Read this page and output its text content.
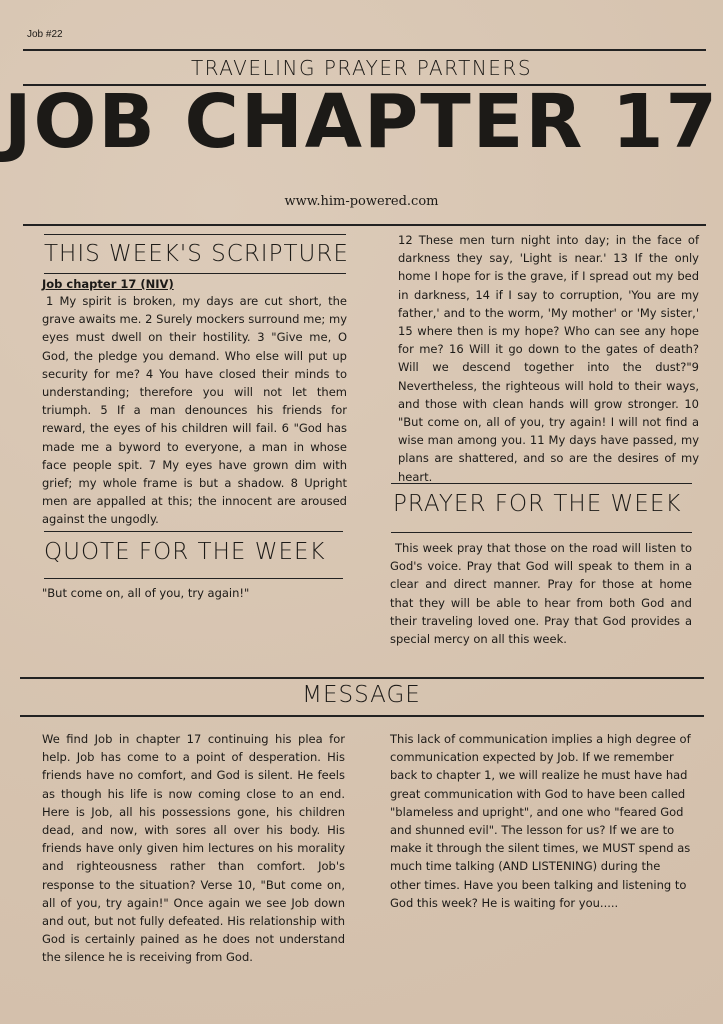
Job #22
TRAVELING PRAYER PARTNERS
JOB CHAPTER 17
www.him-powered.com
THIS WEEK'S SCRIPTURE
Job chapter 17 (NIV)
1 My spirit is broken, my days are cut short, the grave awaits me. 2 Surely mockers surround me; my eyes must dwell on their hostility. 3 "Give me, O God, the pledge you demand. Who else will put up security for me? 4 You have closed their minds to understanding; therefore you will not let them triumph. 5 If a man denounces his friends for reward, the eyes of his children will fail. 6 "God has made me a byword to everyone, a man in whose face people spit. 7 My eyes have grown dim with grief; my whole frame is but a shadow. 8 Upright men are appalled at this; the innocent are aroused against the ungodly.
QUOTE FOR THE WEEK
"But come on, all of you, try again!"
12 These men turn night into day; in the face of darkness they say, 'Light is near.' 13 If the only home I hope for is the grave, if I spread out my bed in darkness, 14 if I say to corruption, 'You are my father,' and to the worm, 'My mother' or 'My sister,' 15 where then is my hope? Who can see any hope for me? 16 Will it go down to the gates of death? Will we descend together into the dust?"9 Nevertheless, the righteous will hold to their ways, and those with clean hands will grow stronger. 10 "But come on, all of you, try again! I will not find a wise man among you. 11 My days have passed, my plans are shattered, and so are the desires of my heart.
PRAYER FOR THE WEEK
This week pray that those on the road will listen to God's voice. Pray that God will speak to them in a clear and direct manner. Pray for those at home that they will be able to hear from both God and their traveling loved one. Pray that God provides a special mercy on all this week.
MESSAGE
We find Job in chapter 17 continuing his plea for help. Job has come to a point of desperation. His friends have no comfort, and God is silent. He feels as though his life is now coming close to an end. Here is Job, all his possessions gone, his children dead, and now, with sores all over his body. His friends have only given him lectures on his morality and righteousness rather than comfort. Job's response to the situation? Verse 10, "But come on, all of you, try again!" Once again we see Job down and out, but not fully defeated. His relationship with God is certainly pained as he does not understand the silence he is receiving from God.
This lack of communication implies a high degree of communication expected by Job. If we remember back to chapter 1, we will realize he must have had great communication with God to have been called "blameless and upright", and one who "feared God and shunned evil". The lesson for us? If we are to make it through the silent times, we MUST spend as much time talking (AND LISTENING) during the other times. Have you been talking and listening to God this week? He is waiting for you.....
